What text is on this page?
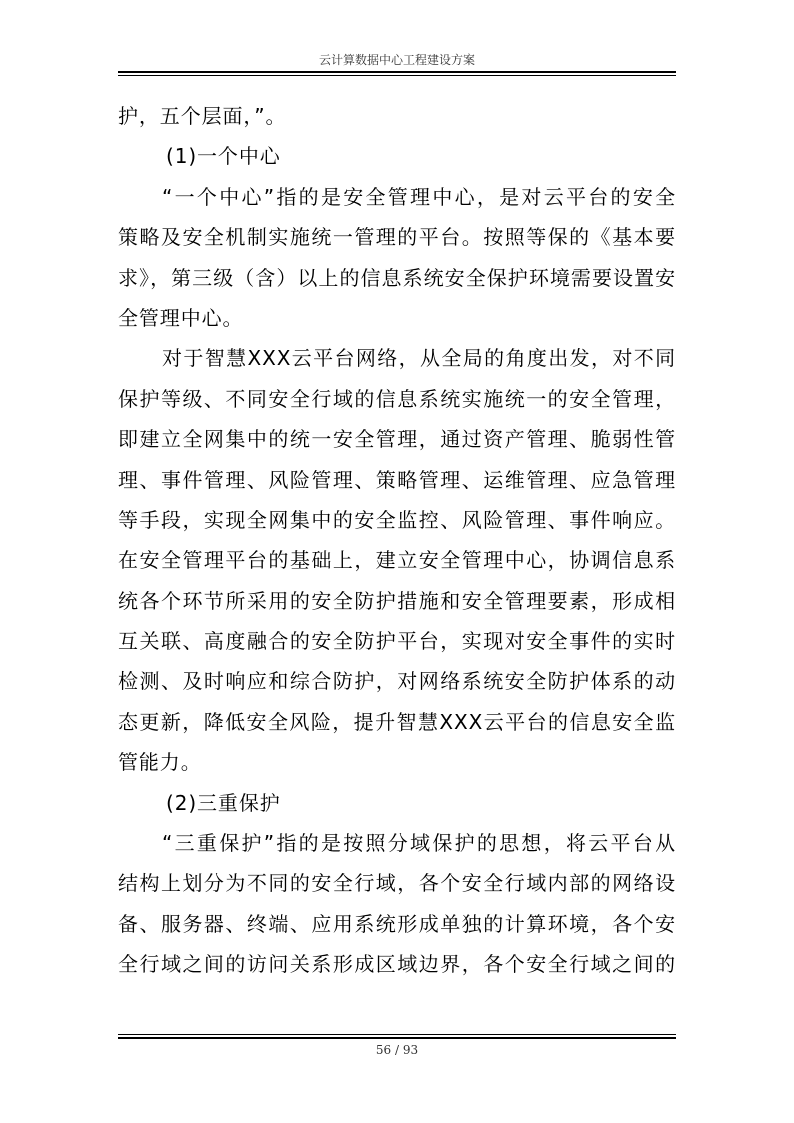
云计算数据中心工程建设方案
护，五个层面，”。
(1)一个中心
“一个中心”指的是安全管理中心，是对云平台的安全
策略及安全机制实施统一管理的平台。按照等保的《基本要
求》，第三级（含）以上的信息系统安全保护环境需要设置安
全管理中心。
对于智慧XXX云平台网络，从全局的角度出发，对不同
保护等级、不同安全行域的信息系统实施统一的安全管理，
即建立全网集中的统一安全管理，通过资产管理、脆弱性管
理、事件管理、风险管理、策略管理、运维管理、应急管理
等手段，实现全网集中的安全监控、风险管理、事件响应。
在安全管理平台的基础上，建立安全管理中心，协调信息系
统各个环节所采用的安全防护措施和安全管理要素，形成相
互关联、高度融合的安全防护平台，实现对安全事件的实时
检测、及时响应和综合防护，对网络系统安全防护体系的动
态更新，降低安全风险，提升智慧XXX云平台的信息安全监
管能力。
(2)三重保护
“三重保护”指的是按照分域保护的思想，将云平台从
结构上划分为不同的安全行域，各个安全行域内部的网络设
备、服务器、终端、应用系统形成单独的计算环境，各个安
全行域之间的访问关系形成区域边界，各个安全行域之间的
56 / 93
